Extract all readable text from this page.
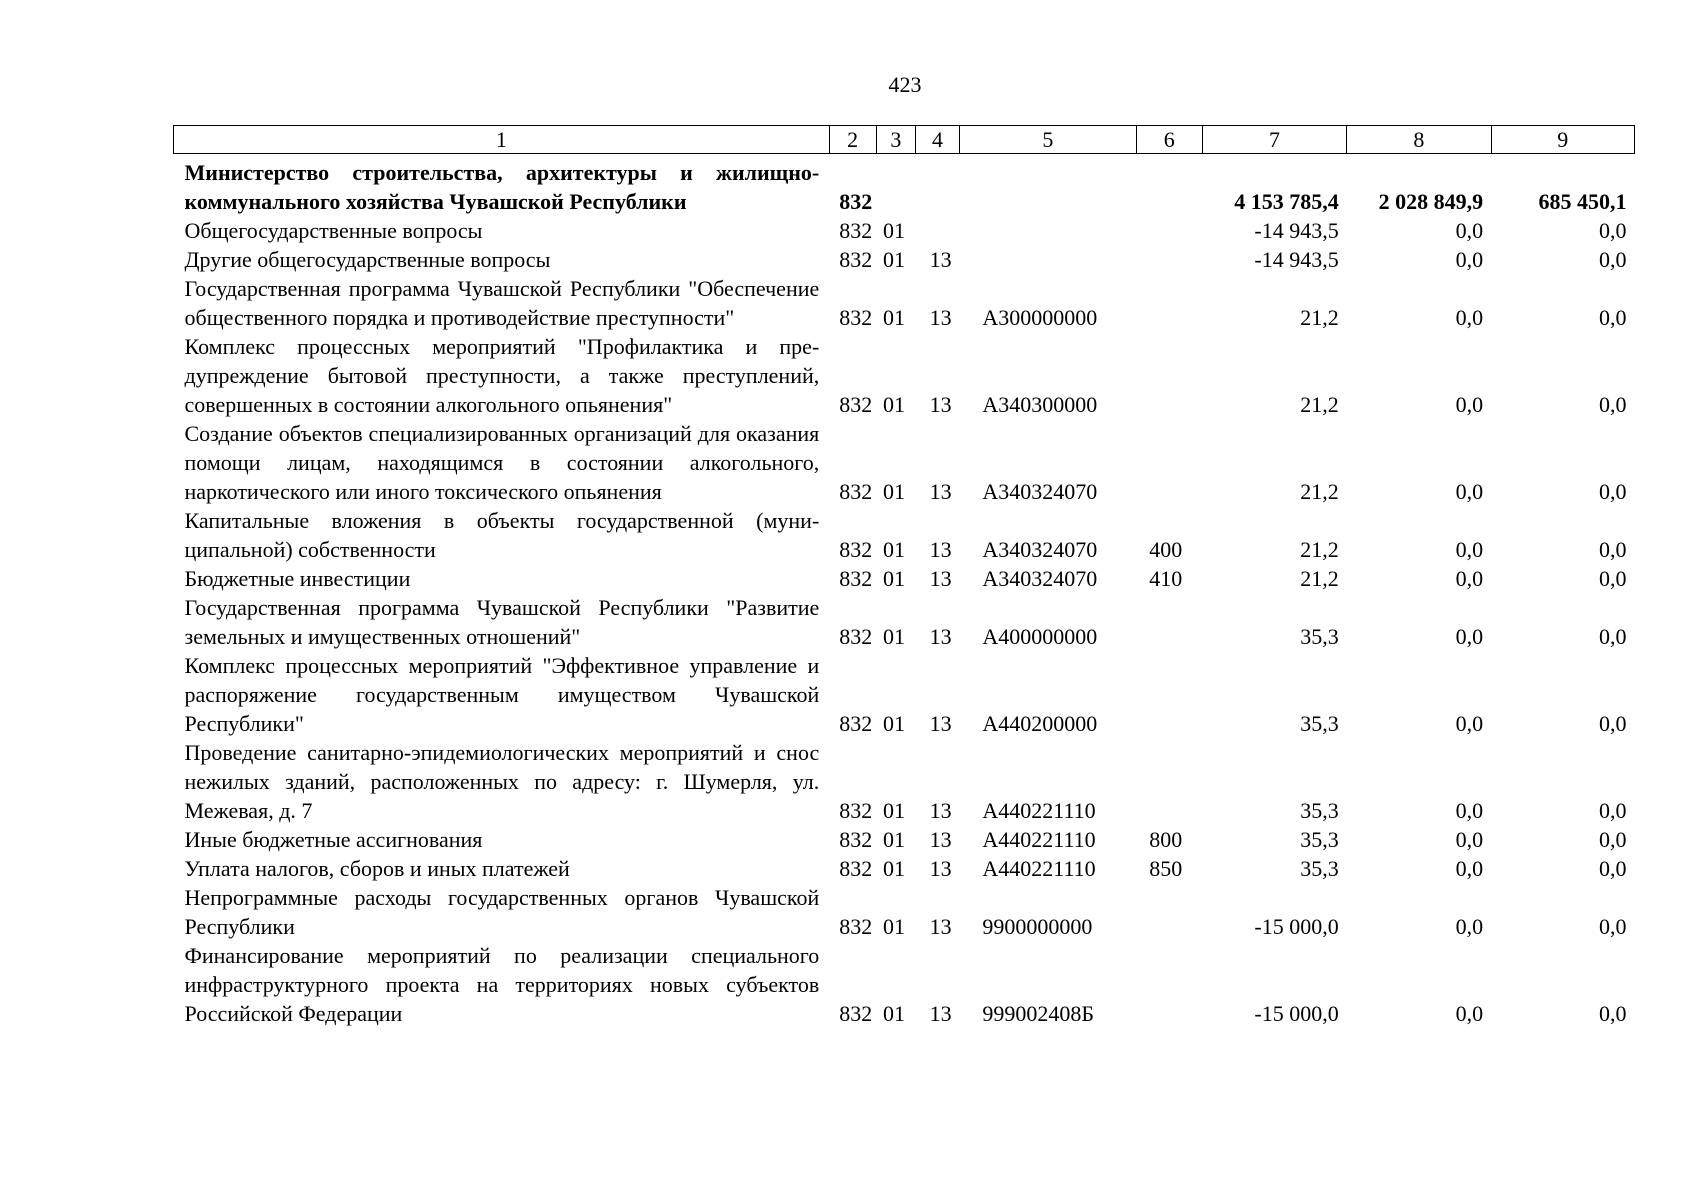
423
1	2	3	4	5	6	7	8	9
Министерство строительства, архитектуры и жилищно-коммунального хозяйства Чувашской Республики	832					4 153 785,4	2 028 849,9	685 450,1
Общегосударственные вопросы	832	01				-14 943,5	0,0	0,0
Другие общегосударственные вопросы	832	01	13			-14 943,5	0,0	0,0
Государственная программа Чувашской Республики "Обеспечение общественного порядка и противодействие преступности"	832	01	13	А300000000		21,2	0,0	0,0
Комплекс процессных мероприятий "Профилактика и предупреждение бытовой преступности, а также преступлений, совершенных в состоянии алкогольного опьянения"	832	01	13	А340300000		21,2	0,0	0,0
Создание объектов специализированных организаций для оказания помощи лицам, находящимся в состоянии алкогольного, наркотического или иного токсического опьянения	832	01	13	А340324070		21,2	0,0	0,0
Капитальные вложения в объекты государственной (муниципальной) собственности	832	01	13	А340324070	400	21,2	0,0	0,0
Бюджетные инвестиции	832	01	13	А340324070	410	21,2	0,0	0,0
Государственная программа Чувашской Республики "Развитие земельных и имущественных отношений"	832	01	13	А400000000		35,3	0,0	0,0
Комплекс процессных мероприятий "Эффективное управление и распоряжение государственным имуществом Чувашской Республики"	832	01	13	А440200000		35,3	0,0	0,0
Проведение санитарно-эпидемиологических мероприятий и снос нежилых зданий, расположенных по адресу: г. Шумерля, ул. Межевая, д. 7	832	01	13	А440221110		35,3	0,0	0,0
Иные бюджетные ассигнования	832	01	13	А440221110	800	35,3	0,0	0,0
Уплата налогов, сборов и иных платежей	832	01	13	А440221110	850	35,3	0,0	0,0
Непрограммные расходы государственных органов Чувашской Республики	832	01	13	9900000000		-15 000,0	0,0	0,0
Финансирование мероприятий по реализации специального инфраструктурного проекта на территориях новых субъектов Российской Федерации	832	01	13	999002408Б		-15 000,0	0,0	0,0
